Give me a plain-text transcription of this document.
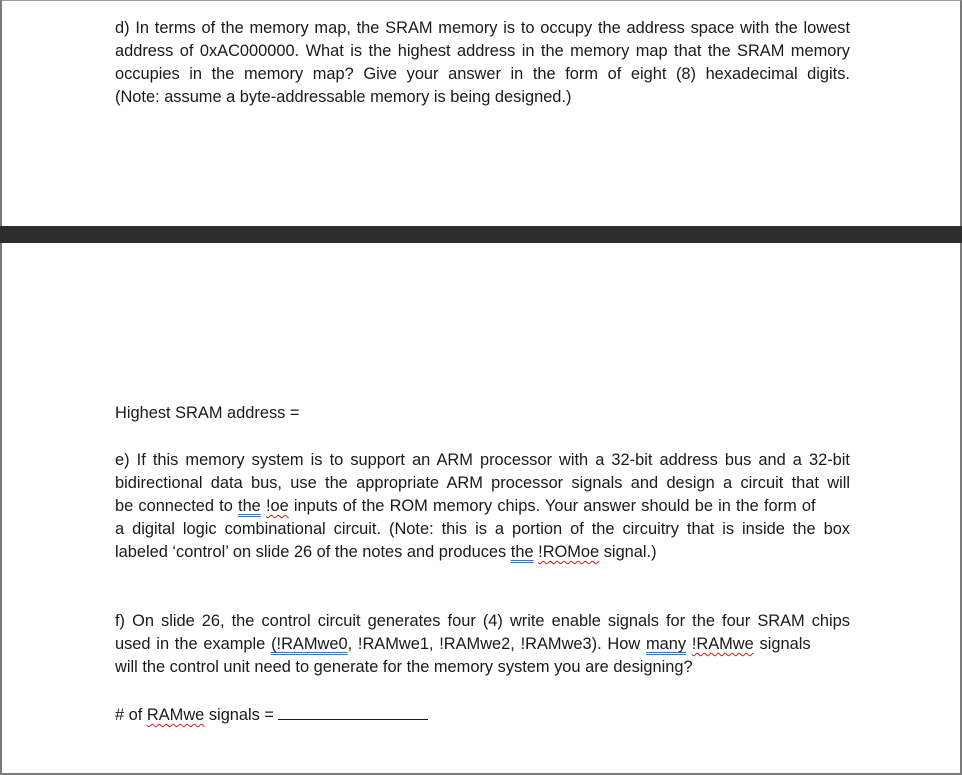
d) In terms of the memory map, the SRAM memory is to occupy the address space with the lowest
address of 0xAC000000. What is the highest address in the memory map that the SRAM memory
occupies in the memory map? Give your answer in the form of eight (8) hexadecimal digits.
(Note: assume a byte-addressable memory is being designed.)
Highest SRAM address =
e) If this memory system is to support an ARM processor with a 32-bit address bus and a 32-bit
bidirectional data bus, use the appropriate ARM processor signals and design a circuit that will
be connected to the !oe inputs of the ROM memory chips. Your answer should be in the form of
a digital logic combinational circuit. (Note: this is a portion of the circuitry that is inside the box
labeled ‘control’ on slide 26 of the notes and produces the !ROMoe signal.)
f) On slide 26, the control circuit generates four (4) write enable signals for the four SRAM chips
used in the example (!RAMwe0, !RAMwe1, !RAMwe2, !RAMwe3). How many !RAMwe signals
will the control unit need to generate for the memory system you are designing?
# of RAMwe signals =
